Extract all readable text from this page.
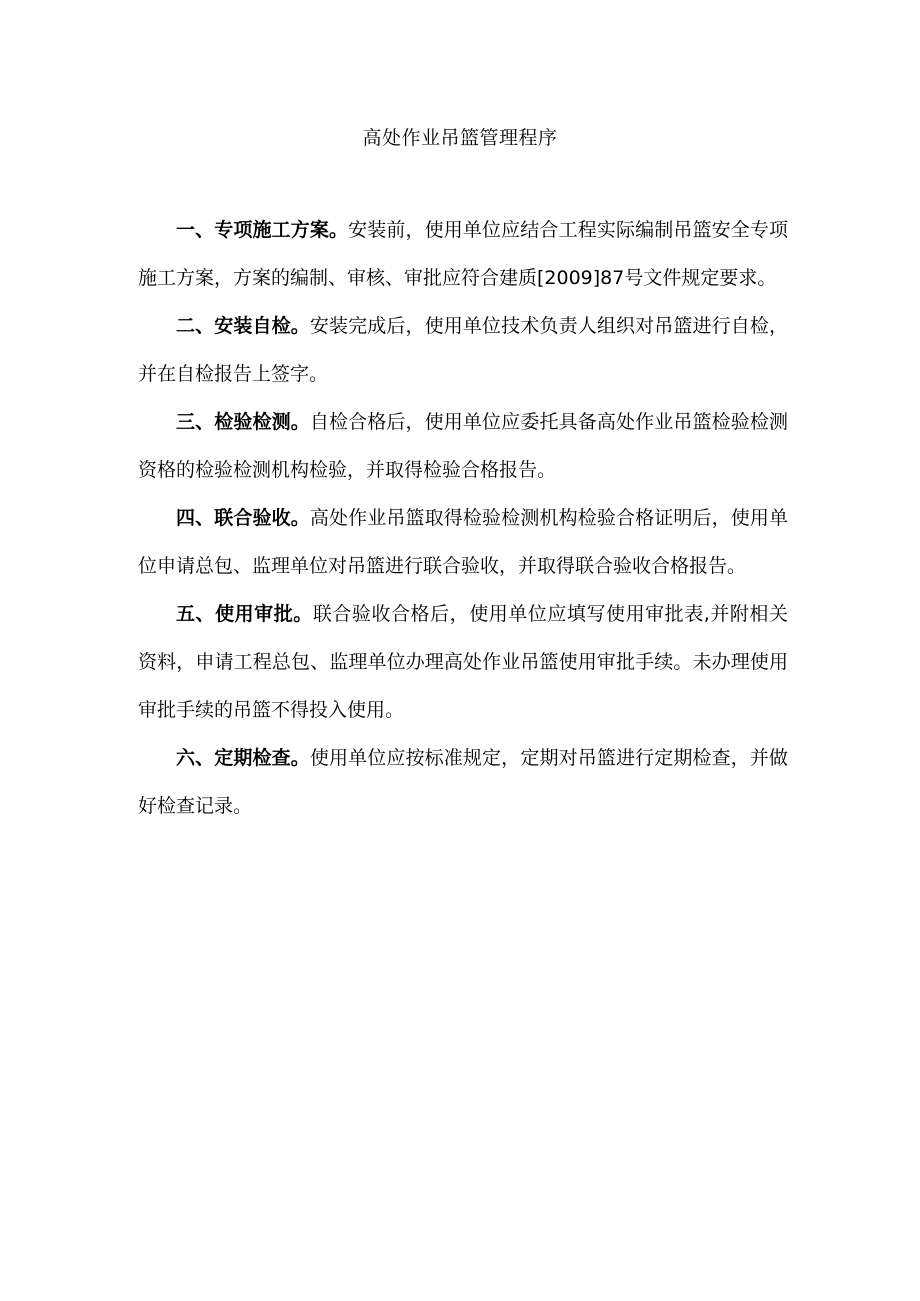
高处作业吊篮管理程序

一、专项施工方案。安装前，使用单位应结合工程实际编制吊篮安全专项施工方案，方案的编制、审核、审批应符合建质[2009]87号文件规定要求。

二、安装自检。安装完成后，使用单位技术负责人组织对吊篮进行自检，并在自检报告上签字。

三、检验检测。自检合格后，使用单位应委托具备高处作业吊篮检验检测资格的检验检测机构检验，并取得检验合格报告。

四、联合验收。高处作业吊篮取得检验检测机构检验合格证明后，使用单位申请总包、监理单位对吊篮进行联合验收，并取得联合验收合格报告。

五、使用审批。联合验收合格后，使用单位应填写使用审批表,并附相关资料，申请工程总包、监理单位办理高处作业吊篮使用审批手续。未办理使用审批手续的吊篮不得投入使用。

六、定期检查。使用单位应按标准规定，定期对吊篮进行定期检查，并做好检查记录。
